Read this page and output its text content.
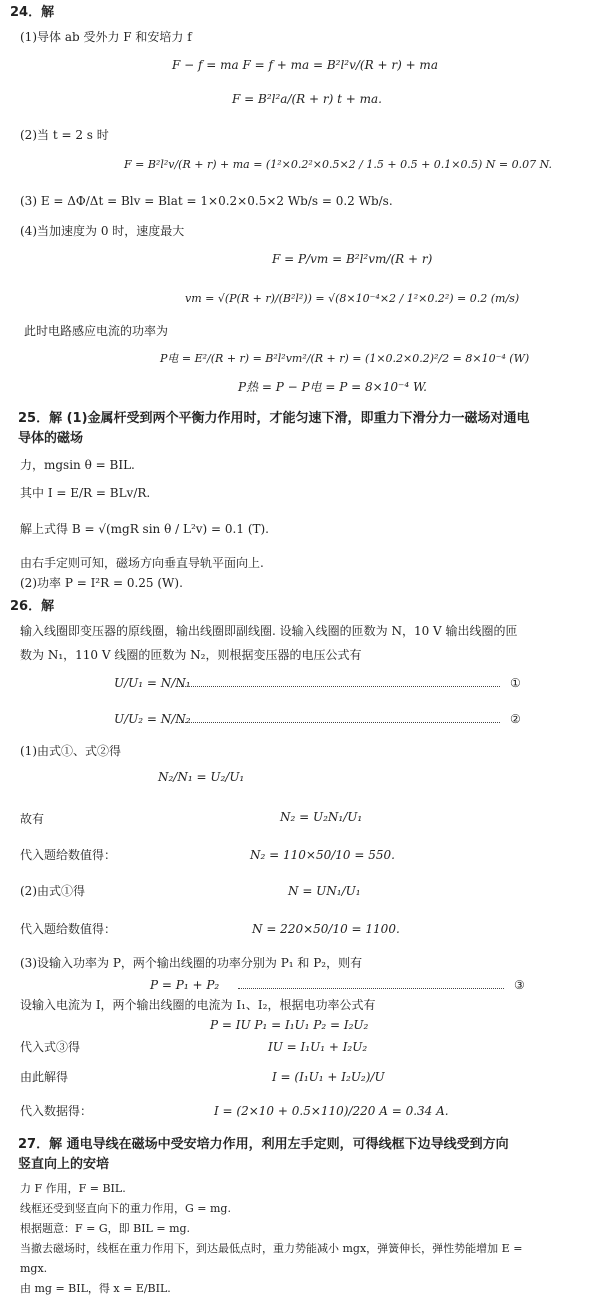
24．解
(1)导体 ab 受外力 F 和安培力 f
F − f = ma F = f + ma = B²l²v/(R + r) + ma
F = B²l²a/(R + r) t + ma.
(2)当 t = 2 s 时
F = B²l²v/(R + r) + ma = (1²×0.2²×0.5×2 / 1.5 + 0.5 + 0.1×0.5) N = 0.07 N.
(3) E = ΔΦ/Δt = Blv = Blat = 1×0.2×0.5×2 Wb/s = 0.2 Wb/s.
(4)当加速度为 0 时，速度最大
F = P/vm = B²l²vm/(R + r)
vm = √(P(R + r)/(B²l²)) = √(8×10⁻⁴×2 / 1²×0.2²) = 0.2 (m/s)
此时电路感应电流的功率为
P电 = E²/(R + r) = B²l²vm²/(R + r) = (1×0.2×0.2)²/2 = 8×10⁻⁴ (W)
P热 = P − P电 = P = 8×10⁻⁴ W.
25．解 (1)金属杆受到两个平衡力作用时，才能匀速下滑，即重力下滑分力一磁场对通电
导体的磁场
力，mgsin θ = BIL.
其中 I = E/R = BLv/R.
解上式得 B = √(mgR sin θ / L²v) = 0.1 (T).
由右手定则可知，磁场方向垂直导轨平面向上.
(2)功率 P = I²R = 0.25 (W).
26．解
输入线圈即变压器的原线圈，输出线圈即副线圈. 设输入线圈的匝数为 N，10 V 输出线圈的匝
数为 N₁，110 V 线圈的匝数为 N₂，则根据变压器的电压公式有
U/U₁ = N/N₁	①
U/U₂ = N/N₂	②
(1)由式①、式②得
N₂/N₁ = U₂/U₁
故有	N₂ = U₂N₁/U₁
代入题给数值得：	N₂ = 110×50/10 = 550.
(2)由式①得	N = UN₁/U₁
代入题给数值得：	N = 220×50/10 = 1100.
(3)设输入功率为 P，两个输出线圈的功率分别为 P₁ 和 P₂，则有
P = P₁ + P₂	③
设输入电流为 I，两个输出线圈的电流为 I₁、I₂，根据电功率公式有
P = IU P₁ = I₁U₁ P₂ = I₂U₂
代入式③得	IU = I₁U₁ + I₂U₂
由此解得	I = (I₁U₁ + I₂U₂)/U
代入数据得：	I = (2×10 + 0.5×110)/220 A = 0.34 A.
27．解 通电导线在磁场中受安培力作用，利用左手定则，可得线框下边导线受到方向
竖直向上的安培
力 F 作用，F = BIL.
线框还受到竖直向下的重力作用，G = mg.
根据题意：F = G，即 BIL = mg.
当撤去磁场时，线框在重力作用下，到达最低点时，重力势能减小 mgx，弹簧伸长，弹性势能增加 E =
mgx.
由 mg = BIL，得 x = E/BIL.
